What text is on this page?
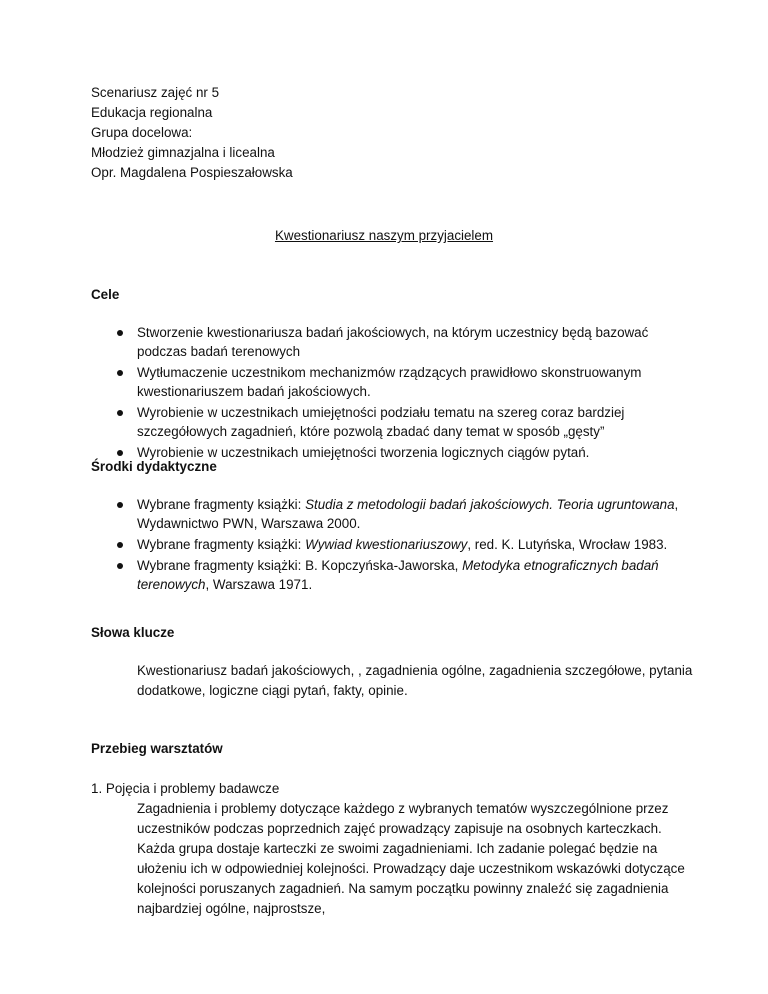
Scenariusz zajęć nr 5
Edukacja regionalna
Grupa docelowa:
Młodzież gimnazjalna i licealna
Opr. Magdalena Pospieszałowska
Kwestionariusz naszym przyjacielem
Cele
Stworzenie kwestionariusza badań jakościowych, na którym uczestnicy będą bazować podczas badań terenowych
Wytłumaczenie uczestnikom mechanizmów rządzących prawidłowo skonstruowanym kwestionariuszem badań jakościowych.
Wyrobienie w uczestnikach umiejętności podziału tematu na szereg coraz bardziej szczegółowych zagadnień, które pozwolą zbadać dany temat w sposób „gęsty”
Wyrobienie w uczestnikach umiejętności tworzenia logicznych ciągów pytań.
Środki dydaktyczne
Wybrane fragmenty książki: Studia z metodologii badań jakościowych. Teoria ugruntowana, Wydawnictwo PWN, Warszawa 2000.
Wybrane fragmenty książki: Wywiad kwestionariuszowy, red. K. Lutyńska, Wrocław 1983.
Wybrane fragmenty książki: B. Kopczyńska-Jaworska, Metodyka etnograficznych badań terenowych, Warszawa 1971.
Słowa klucze
Kwestionariusz badań jakościowych, , zagadnienia ogólne, zagadnienia szczegółowe, pytania dodatkowe, logiczne ciągi pytań, fakty, opinie.
Przebieg warsztatów
1. Pojęcia i problemy badawcze
Zagadnienia i problemy dotyczące każdego z wybranych tematów wyszczególnione przez uczestników podczas poprzednich zajęć prowadzący zapisuje na osobnych karteczkach. Każda grupa dostaje karteczki ze swoimi zagadnieniami. Ich zadanie polegać będzie na ułożeniu ich w odpowiedniej kolejności. Prowadzący daje uczestnikom wskazówki dotyczące kolejności poruszanych zagadnień. Na samym początku powinny znaleźć się zagadnienia najbardziej ogólne, najprostsze,
